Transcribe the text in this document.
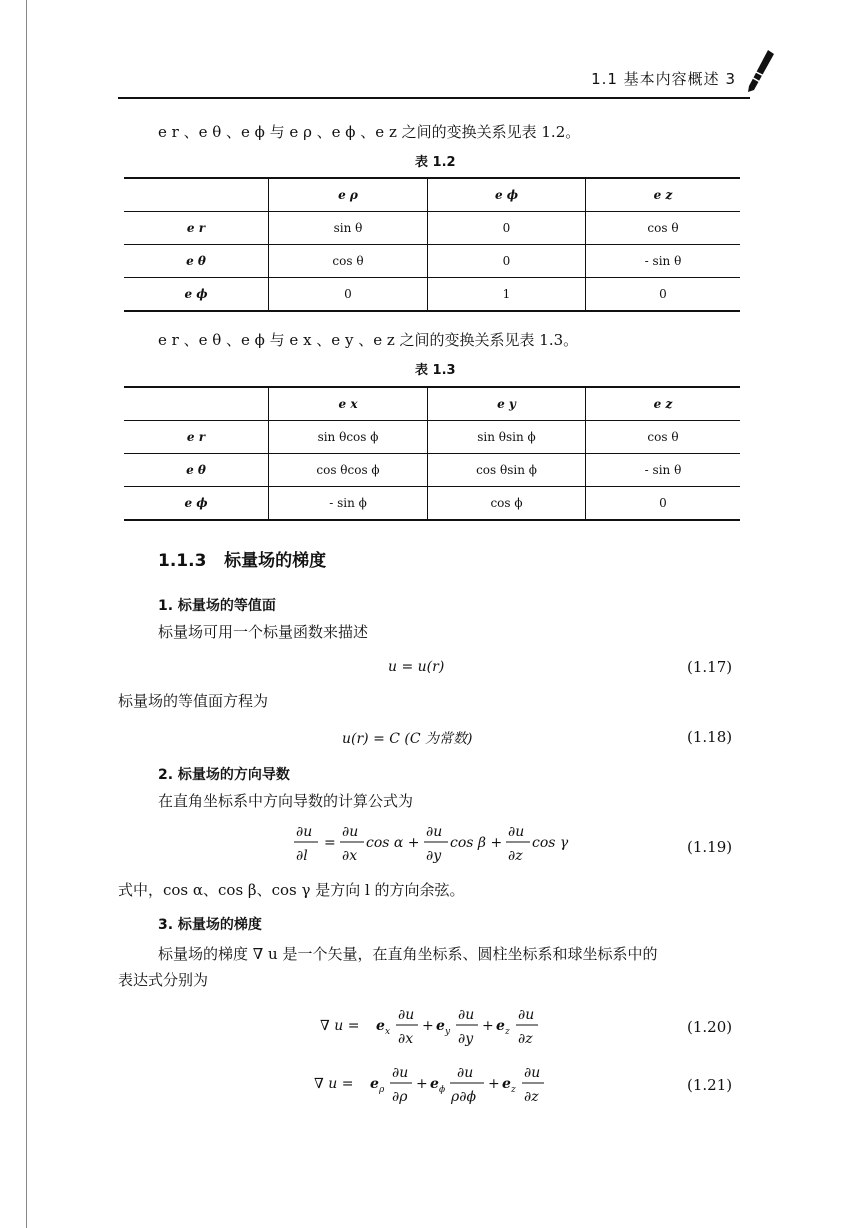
1.1 基本内容概述 3
e r 、e θ 、e ϕ 与 e ρ 、e ϕ 、e z 之间的变换关系见表 1.2。
表 1.2
	e ρ	e ϕ	e z
e r	sin θ	0	cos θ
e θ	cos θ	0	- sin θ
e ϕ	0	1	0
e r 、e θ 、e ϕ 与 e x 、e y 、e z 之间的变换关系见表 1.3。
表 1.3
	e x	e y	e z
e r	sin θcos ϕ	sin θsin ϕ	cos θ
e θ	cos θcos ϕ	cos θsin ϕ	- sin θ
e ϕ	- sin ϕ	cos ϕ	0
1.1.3 标量场的梯度
1. 标量场的等值面
标量场可用一个标量函数来描述
u = u(r)	(1.17)
标量场的等值面方程为
u(r) = C (C 为常数)	(1.18)
2. 标量场的方向导数
在直角坐标系中方向导数的计算公式为
∂u
∂l
=
∂u
∂x
cos α +
∂u
∂y
cos β +
∂u
∂z
cos γ	(1.19)
式中，cos α、cos β、cos γ 是方向 l 的方向余弦。
3. 标量场的梯度
标量场的梯度 ∇ u 是一个矢量，在直角坐标系、圆柱坐标系和球坐标系中的
表达式分别为
∇ u = e x
∂u
∂x
+ e y
∂u
∂y
+ e z
∂u
∂z
(1.20)
∇ u = e ρ
∂u
∂ρ
+ e ϕ
∂u
ρ∂ϕ
+ e z
∂u
∂z
(1.21)
